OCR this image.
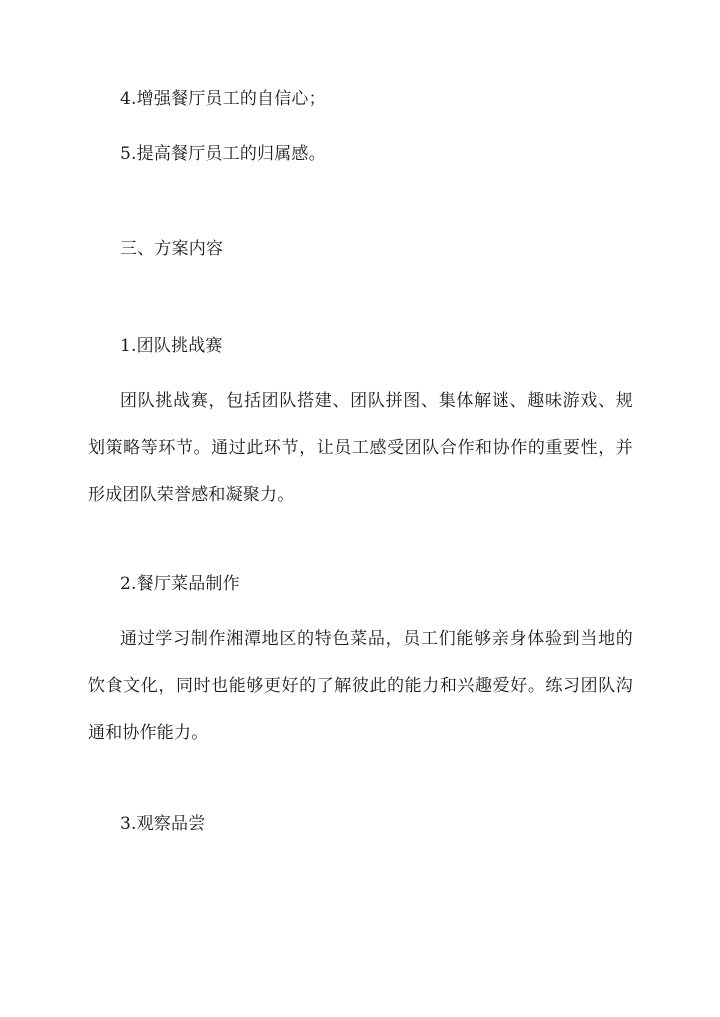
4.增强餐厅员工的自信心；
5.提高餐厅员工的归属感。
三、方案内容
1.团队挑战赛
团队挑战赛，包括团队搭建、团队拼图、集体解谜、趣味游戏、规划策略等环节。通过此环节，让员工感受团队合作和协作的重要性，并形成团队荣誉感和凝聚力。
2.餐厅菜品制作
通过学习制作湘潭地区的特色菜品，员工们能够亲身体验到当地的饮食文化，同时也能够更好的了解彼此的能力和兴趣爱好。练习团队沟通和协作能力。
3.观察品尝
